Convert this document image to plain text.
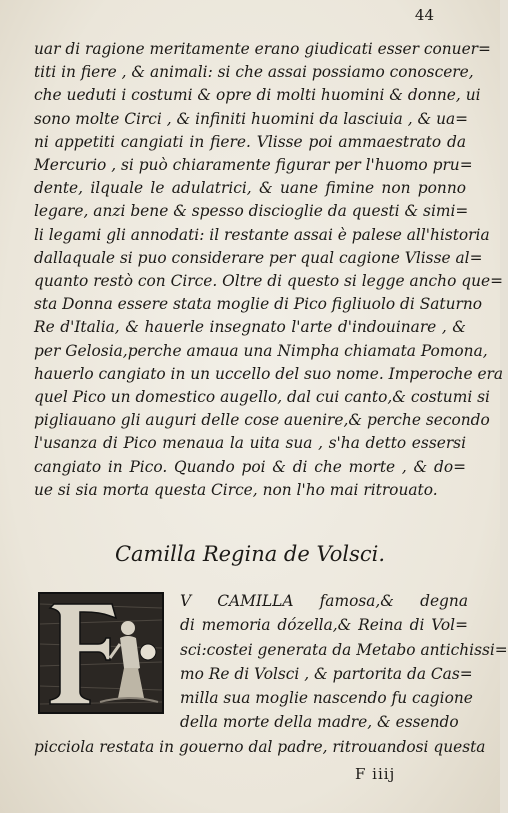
44
uar di ragione meritamente erano giudicati esser conuer=
titi in fiere , & animali: si che assai possiamo conoscere,
che ueduti i costumi & opre di molti huomini & donne, ui
sono molte Circi , & infiniti huomini da lasciuia , & ua=
ni appetiti cangiati in fiere. Vlisse poi ammaestrato da
Mercurio , si può chiaramente figurar per l'huomo pru=
dente, ilquale le adulatrici, & uane fimine non ponno
legare, anzi bene & spesso discioglie da questi & simi=
li legami gli annodati: il restante assai è palese all'historia
dallaquale si puo considerare per qual cagione Vlisse al=
quanto restò con Circe. Oltre di questo si legge ancho que=
sta Donna essere stata moglie di Pico figliuolo di Saturno
Re d'Italia, & hauerle insegnato l'arte d'indouinare , &
per Gelosia,perche amaua una Nimpha chiamata Pomona,
hauerlo cangiato in un uccello del suo nome. Imperoche era
quel Pico un domestico augello, dal cui canto,& costumi si
pigliauano gli auguri delle cose auenire,& perche secondo
l'usanza di Pico menaua la uita sua , s'ha detto essersi
cangiato in Pico. Quando poi & di che morte , & do=
ue si sia morta questa Circe, non l'ho mai ritrouato.
Camilla Regina de Volsci.
V CAMILLA famosa,& degna
di memoria dózella,& Reina di Vol=
sci:costei generata da Metabo antichissi=
mo Re di Volsci , & partorita da Cas=
milla sua moglie nascendo fu cagione
della morte della madre, & essendo
picciola restata in gouerno dal padre, ritrouandosi questa
F iiij
